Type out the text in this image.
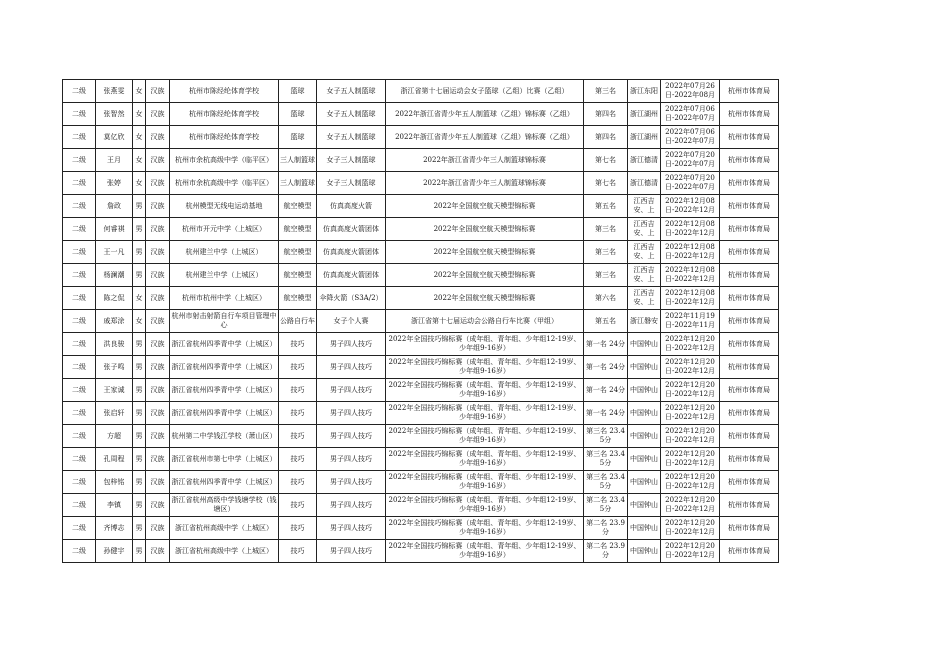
二级	张燕雯	女	汉族	杭州市陈经纶体育学校	篮球	女子五人制篮球	浙江省第十七届运动会女子篮球（乙组）比赛（乙组）	第三名	浙江东阳	2022年07月26日-2022年08月	杭州市体育局
二级	张智然	女	汉族	杭州市陈经纶体育学校	篮球	女子五人制篮球	2022年浙江省青少年五人制篮球（乙组）锦标赛（乙组）	第四名	浙江湖州	2022年07月06日-2022年07月	杭州市体育局
二级	莫亿欣	女	汉族	杭州市陈经纶体育学校	篮球	女子五人制篮球	2022年浙江省青少年五人制篮球（乙组）锦标赛（乙组）	第四名	浙江湖州	2022年07月06日-2022年07月	杭州市体育局
二级	王月	女	汉族	杭州市余杭高级中学（临平区）	三人制篮球	女子三人制篮球	2022年浙江省青少年三人制篮球锦标赛	第七名	浙江德清	2022年07月20日-2022年07月	杭州市体育局
二级	张婷	女	汉族	杭州市余杭高级中学（临平区）	三人制篮球	女子三人制篮球	2022年浙江省青少年三人制篮球锦标赛	第七名	浙江德清	2022年07月20日-2022年07月	杭州市体育局
二级	詹政	男	汉族	杭州模型无线电运动基地	航空模型	仿真高度火箭	2022年全国航空航天模型锦标赛	第五名	江西吉安、上	2022年12月08日-2022年12月	杭州市体育局
二级	何睿祺	男	汉族	杭州市开元中学（上城区）	航空模型	仿真高度火箭团体	2022年全国航空航天模型锦标赛	第三名	江西吉安、上	2022年12月08日-2022年12月	杭州市体育局
二级	王一凡	男	汉族	杭州建兰中学（上城区）	航空模型	仿真高度火箭团体	2022年全国航空航天模型锦标赛	第三名	江西吉安、上	2022年12月08日-2022年12月	杭州市体育局
二级	杨澜潮	男	汉族	杭州建兰中学（上城区）	航空模型	仿真高度火箭团体	2022年全国航空航天模型锦标赛	第三名	江西吉安、上	2022年12月08日-2022年12月	杭州市体育局
二级	陈之侃	女	汉族	杭州市杭州中学（上城区）	航空模型	伞降火箭（S3A/2）	2022年全国航空航天模型锦标赛	第六名	江西吉安、上	2022年12月08日-2022年12月	杭州市体育局
二级	戚郑涂	女	汉族	杭州市射击射箭自行车项目管理中心	公路自行车	女子个人赛	浙江省第十七届运动会公路自行车比赛（甲组）	第五名	浙江磐安	2022年11月19日-2022年11月	杭州市体育局
二级	洪良骏	男	汉族	浙江省杭州四季青中学（上城区）	技巧	男子四人技巧	2022年全国技巧锦标赛（成年组、青年组、少年组12-19岁、少年组9-16岁）	第一名 24分	中国钟山	2022年12月20日-2022年12月	杭州市体育局
二级	张子鸣	男	汉族	浙江省杭州四季青中学（上城区）	技巧	男子四人技巧	2022年全国技巧锦标赛（成年组、青年组、少年组12-19岁、少年组9-16岁）	第一名 24分	中国钟山	2022年12月20日-2022年12月	杭州市体育局
二级	王家诚	男	汉族	浙江省杭州四季青中学（上城区）	技巧	男子四人技巧	2022年全国技巧锦标赛（成年组、青年组、少年组12-19岁、少年组9-16岁）	第一名 24分	中国钟山	2022年12月20日-2022年12月	杭州市体育局
二级	张启轩	男	汉族	浙江省杭州四季青中学（上城区）	技巧	男子四人技巧	2022年全国技巧锦标赛（成年组、青年组、少年组12-19岁、少年组9-16岁）	第一名 24分	中国钟山	2022年12月20日-2022年12月	杭州市体育局
二级	方超	男	汉族	杭州第二中学钱江学校（萧山区）	技巧	男子四人技巧	2022年全国技巧锦标赛（成年组、青年组、少年组12-19岁、少年组9-16岁）	第三名 23.45分	中国钟山	2022年12月20日-2022年12月	杭州市体育局
二级	孔周程	男	汉族	浙江省杭州市第七中学（上城区）	技巧	男子四人技巧	2022年全国技巧锦标赛（成年组、青年组、少年组12-19岁、少年组9-16岁）	第三名 23.45分	中国钟山	2022年12月20日-2022年12月	杭州市体育局
二级	包梓铭	男	汉族	浙江省杭州四季青中学（上城区）	技巧	男子四人技巧	2022年全国技巧锦标赛（成年组、青年组、少年组12-19岁、少年组9-16岁）	第三名 23.45分	中国钟山	2022年12月20日-2022年12月	杭州市体育局
二级	李镇	男	汉族	浙江省杭州高级中学钱塘学校（钱塘区）	技巧	男子四人技巧	2022年全国技巧锦标赛（成年组、青年组、少年组12-19岁、少年组9-16岁）	第二名 23.45分	中国钟山	2022年12月20日-2022年12月	杭州市体育局
二级	齐博志	男	汉族	浙江省杭州高级中学（上城区）	技巧	男子四人技巧	2022年全国技巧锦标赛（成年组、青年组、少年组12-19岁、少年组9-16岁）	第二名 23.9分	中国钟山	2022年12月20日-2022年12月	杭州市体育局
二级	孙健宇	男	汉族	浙江省杭州高级中学（上城区）	技巧	男子四人技巧	2022年全国技巧锦标赛（成年组、青年组、少年组12-19岁、少年组9-16岁）	第二名 23.9分	中国钟山	2022年12月20日-2022年12月	杭州市体育局
